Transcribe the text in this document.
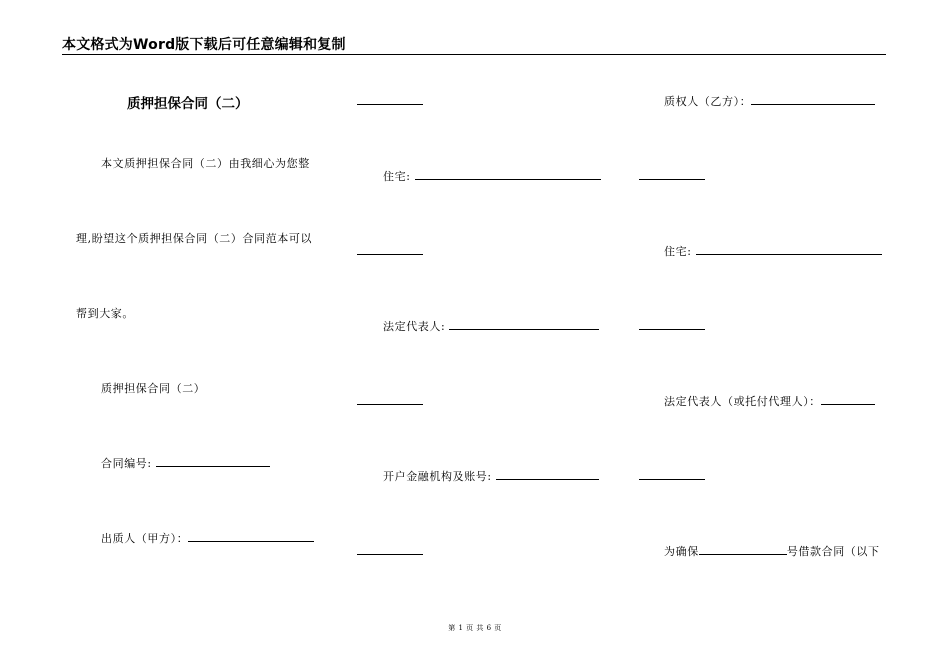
本文格式为Word版下载后可任意编辑和复制
质押担保合同（二）
本文质押担保合同（二）由我细心为您整
理,盼望这个质押担保合同（二）合同范本可以
帮到大家。
质押担保合同（二）
合同编号:
出质人（甲方）：
住宅:
法定代表人:
开户金融机构及账号:
质权人（乙方）：
住宅:
法定代表人（或托付代理人）：
为确保	号借款合同（以下
第 1 页 共 6 页
